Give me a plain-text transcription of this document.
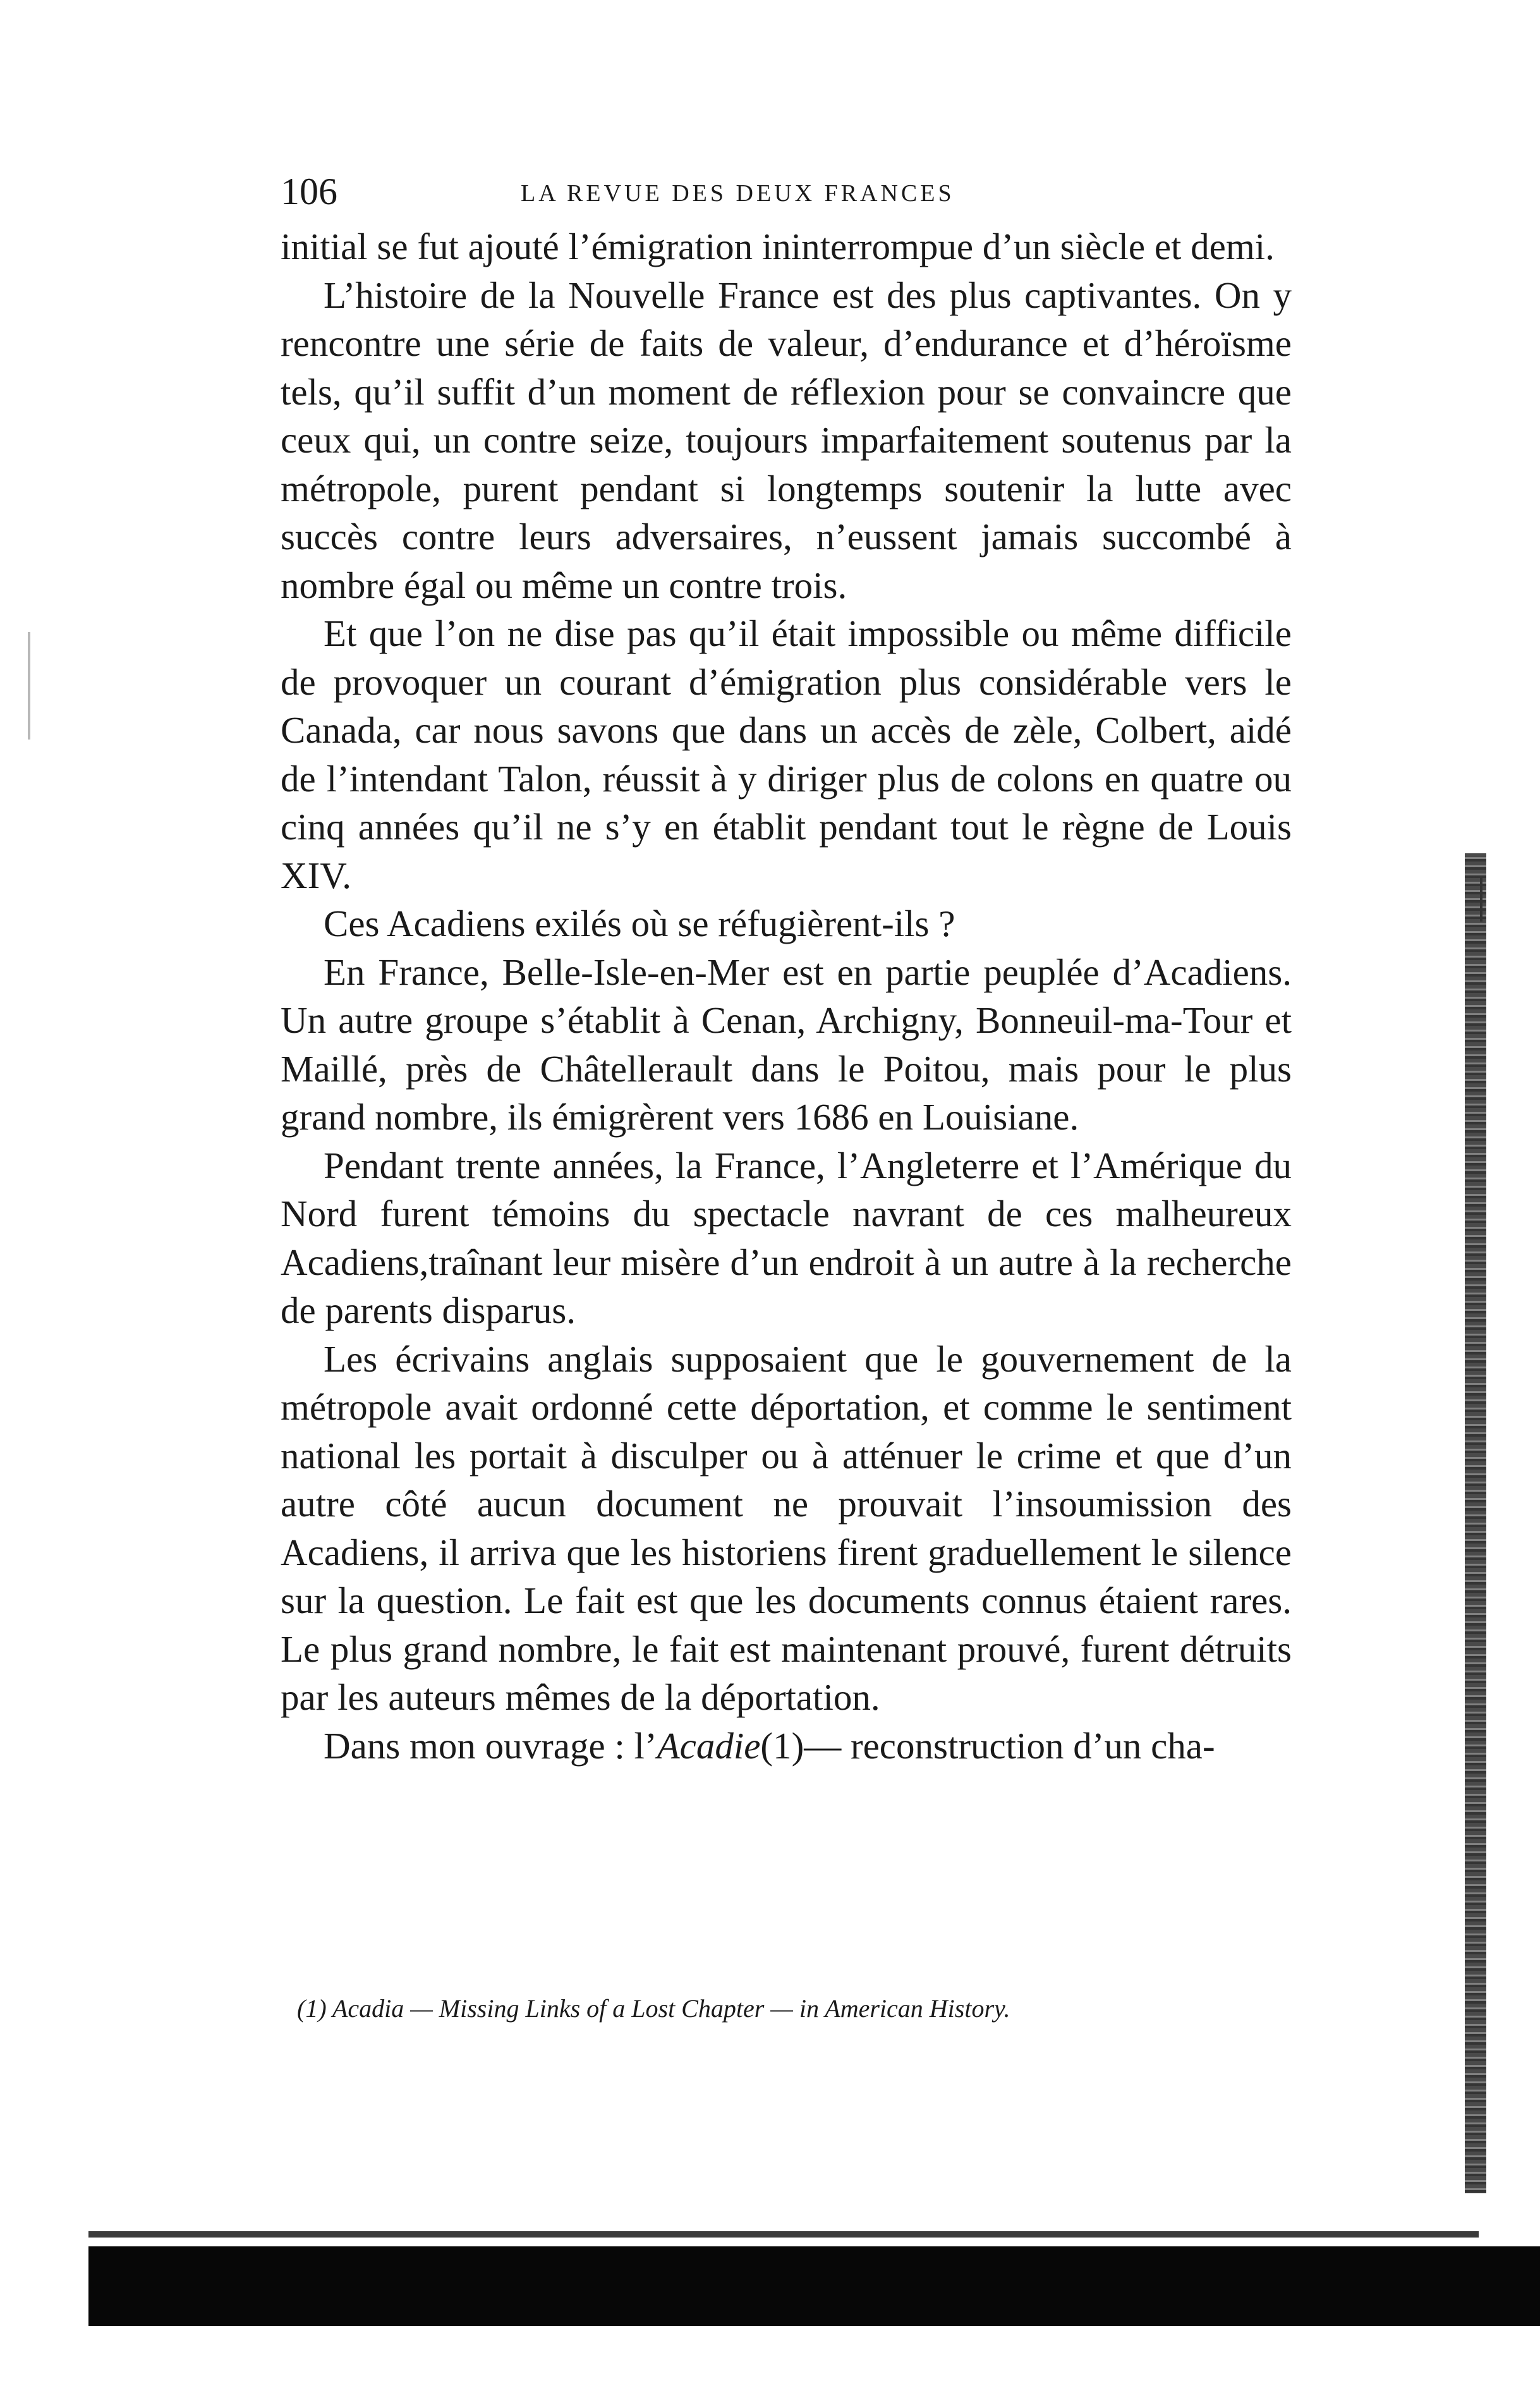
106	LA REVUE DES DEUX FRANCES

initial se fut ajouté l’émigration ininterrompue d’un siècle et demi.

L’histoire de la Nouvelle France est des plus captivantes. On y rencontre une série de faits de valeur, d’endurance et d’héroïsme tels, qu’il suffit d’un moment de réflexion pour se convaincre que ceux qui, un contre seize, toujours imparfaitement soutenus par la métropole, purent pendant si longtemps soutenir la lutte avec succès contre leurs adversaires, n’eussent jamais succombé à nombre égal ou même un contre trois.

Et que l’on ne dise pas qu’il était impossible ou même difficile de provoquer un courant d’émigration plus considérable vers le Canada, car nous savons que dans un accès de zèle, Colbert, aidé de l’intendant Talon, réussit à y diriger plus de colons en quatre ou cinq années qu’il ne s’y en établit pendant tout le règne de Louis XIV.

Ces Acadiens exilés où se réfugièrent-ils ?

En France, Belle-Isle-en-Mer est en partie peuplée d’Acadiens. Un autre groupe s’établit à Cenan, Archigny, Bonneuil-ma-Tour et Maillé, près de Châtellerault dans le Poitou, mais pour le plus grand nombre, ils émigrèrent vers 1686 en Louisiane.

Pendant trente années, la France, l’Angleterre et l’Amérique du Nord furent témoins du spectacle navrant de ces malheureux Acadiens,traînant leur misère d’un endroit à un autre à la recherche de parents disparus.

Les écrivains anglais supposaient que le gouvernement de la métropole avait ordonné cette déportation, et comme le sentiment national les portait à disculper ou à atténuer le crime et que d’un autre côté aucun document ne prouvait l’insoumission des Acadiens, il arriva que les historiens firent graduellement le silence sur la question. Le fait est que les documents connus étaient rares. Le plus grand nombre, le fait est maintenant prouvé, furent détruits par les auteurs mêmes de la déportation.

Dans mon ouvrage : l’Acadie(1)— reconstruction d’un cha-

(1) Acadia — Missing Links of a Lost Chapter — in American History.
